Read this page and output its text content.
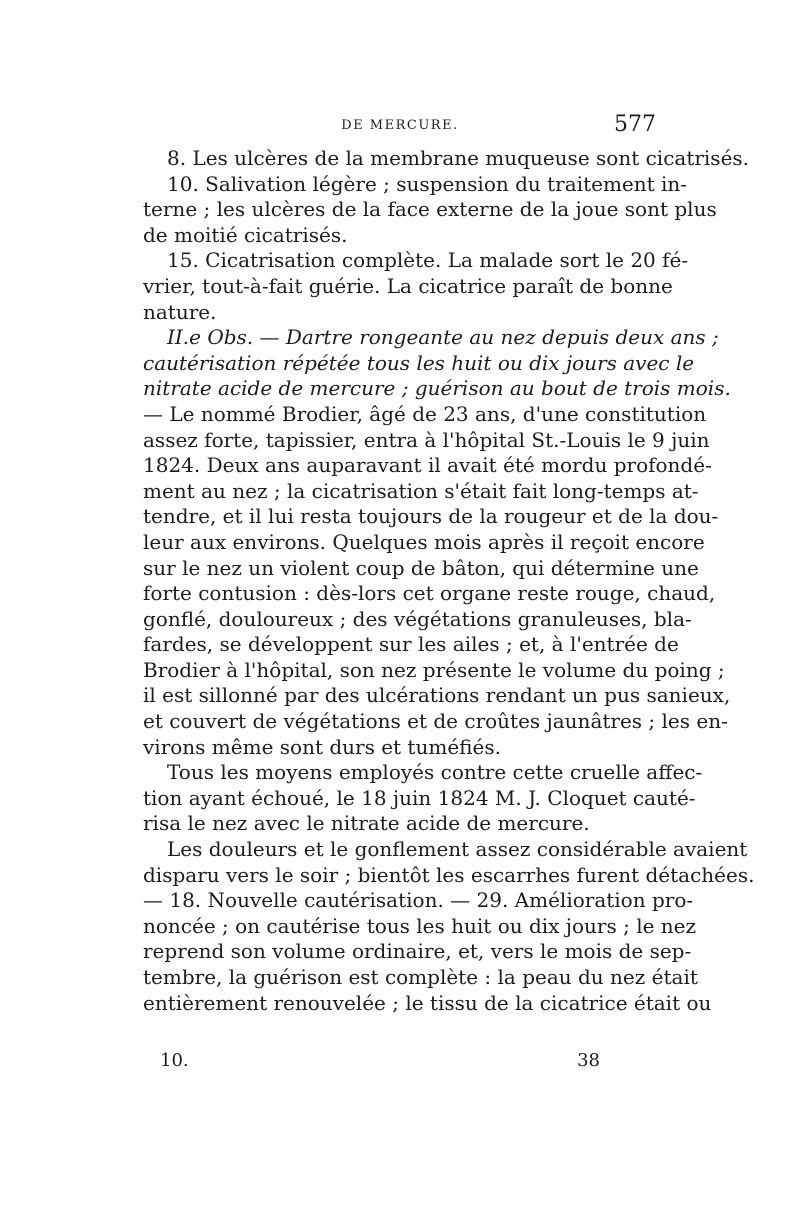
DE MERCURE.	577
8. Les ulcères de la membrane muqueuse sont cicatrisés.
10. Salivation légère ; suspension du traitement in-
terne ; les ulcères de la face externe de la joue sont plus
de moitié cicatrisés.
15. Cicatrisation complète. La malade sort le 20 fé-
vrier, tout-à-fait guérie. La cicatrice paraît de bonne
nature.
II.e Obs. — Dartre rongeante au nez depuis deux ans ;
cautérisation répétée tous les huit ou dix jours avec le
nitrate acide de mercure ; guérison au bout de trois mois.
— Le nommé Brodier, âgé de 23 ans, d'une constitution
assez forte, tapissier, entra à l'hôpital St.-Louis le 9 juin
1824. Deux ans auparavant il avait été mordu profondé-
ment au nez ; la cicatrisation s'était fait long-temps at-
tendre, et il lui resta toujours de la rougeur et de la dou-
leur aux environs. Quelques mois après il reçoit encore
sur le nez un violent coup de bâton, qui détermine une
forte contusion : dès-lors cet organe reste rouge, chaud,
gonflé, douloureux ; des végétations granuleuses, bla-
fardes, se développent sur les ailes ; et, à l'entrée de
Brodier à l'hôpital, son nez présente le volume du poing ;
il est sillonné par des ulcérations rendant un pus sanieux,
et couvert de végétations et de croûtes jaunâtres ; les en-
virons même sont durs et tuméfiés.
Tous les moyens employés contre cette cruelle affec-
tion ayant échoué, le 18 juin 1824 M. J. Cloquet cauté-
risa le nez avec le nitrate acide de mercure.
Les douleurs et le gonflement assez considérable avaient
disparu vers le soir ; bientôt les escarrhes furent détachées.
— 18. Nouvelle cautérisation. — 29. Amélioration pro-
noncée ; on cautérise tous les huit ou dix jours ; le nez
reprend son volume ordinaire, et, vers le mois de sep-
tembre, la guérison est complète : la peau du nez était
entièrement renouvelée ; le tissu de la cicatrice était ou
10.	38
